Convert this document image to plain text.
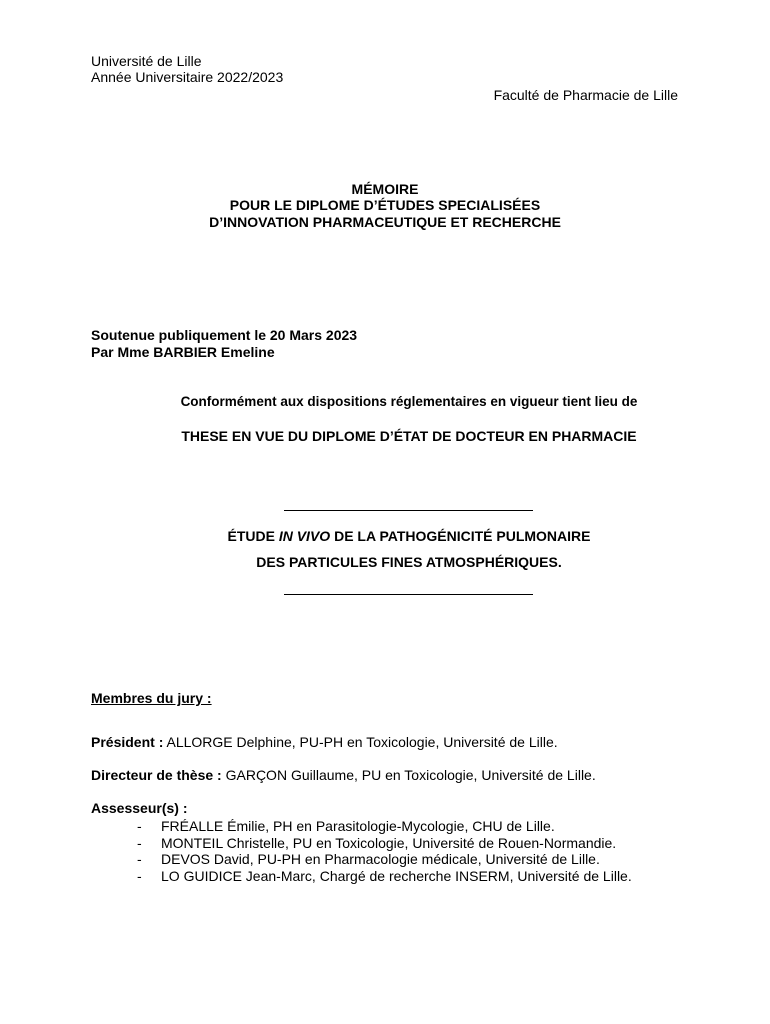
Université de Lille
Année Universitaire 2022/2023
Faculté de Pharmacie de Lille
MÉMOIRE
POUR LE DIPLOME D’ÉTUDES SPECIALISÉES
D’INNOVATION PHARMACEUTIQUE ET RECHERCHE
Soutenue publiquement le 20 Mars 2023
Par Mme BARBIER Emeline
Conformément aux dispositions réglementaires en vigueur tient lieu de
THESE EN VUE DU DIPLOME D’ÉTAT DE DOCTEUR EN PHARMACIE
ÉTUDE IN VIVO DE LA PATHOGÉNICITÉ PULMONAIRE
DES PARTICULES FINES ATMOSPHÉRIQUES.
Membres du jury :
Président : ALLORGE Delphine, PU-PH en Toxicologie, Université de Lille.
Directeur de thèse : GARÇON Guillaume, PU en Toxicologie, Université de Lille.
Assesseur(s) :
- FRÉALLE Émilie, PH en Parasitologie-Mycologie, CHU de Lille.
- MONTEIL Christelle, PU en Toxicologie, Université de Rouen-Normandie.
- DEVOS David, PU-PH en Pharmacologie médicale, Université de Lille.
- LO GUIDICE Jean-Marc, Chargé de recherche INSERM, Université de Lille.
